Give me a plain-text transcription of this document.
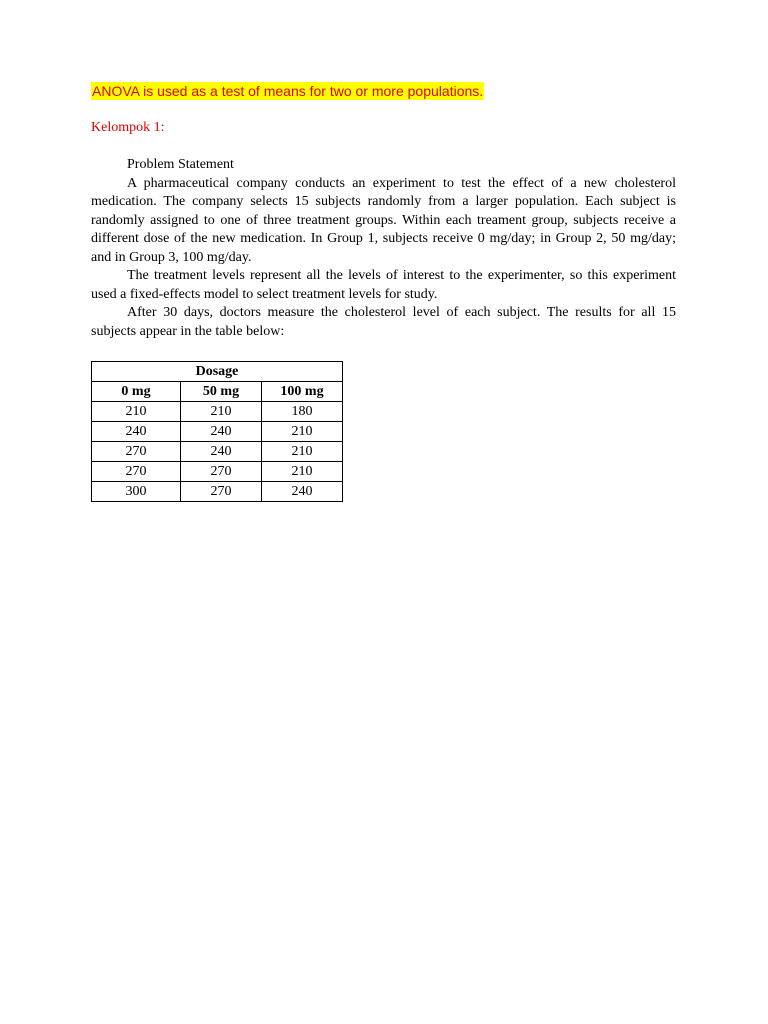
ANOVA is used as a test of means for two or more populations.
Kelompok 1:

Problem Statement

A pharmaceutical company conducts an experiment to test the effect of a new cholesterol medication. The company selects 15 subjects randomly from a larger population. Each subject is randomly assigned to one of three treatment groups. Within each treament group, subjects receive a different dose of the new medication. In Group 1, subjects receive 0 mg/day; in Group 2, 50 mg/day; and in Group 3, 100 mg/day.

The treatment levels represent all the levels of interest to the experimenter, so this experiment used a fixed-effects model to select treatment levels for study.

After 30 days, doctors measure the cholesterol level of each subject. The results for all 15 subjects appear in the table below:

Dosage		
0 mg	50 mg	100 mg
210	210	180
240	240	210
270	240	210
270	270	210
300	270	240
